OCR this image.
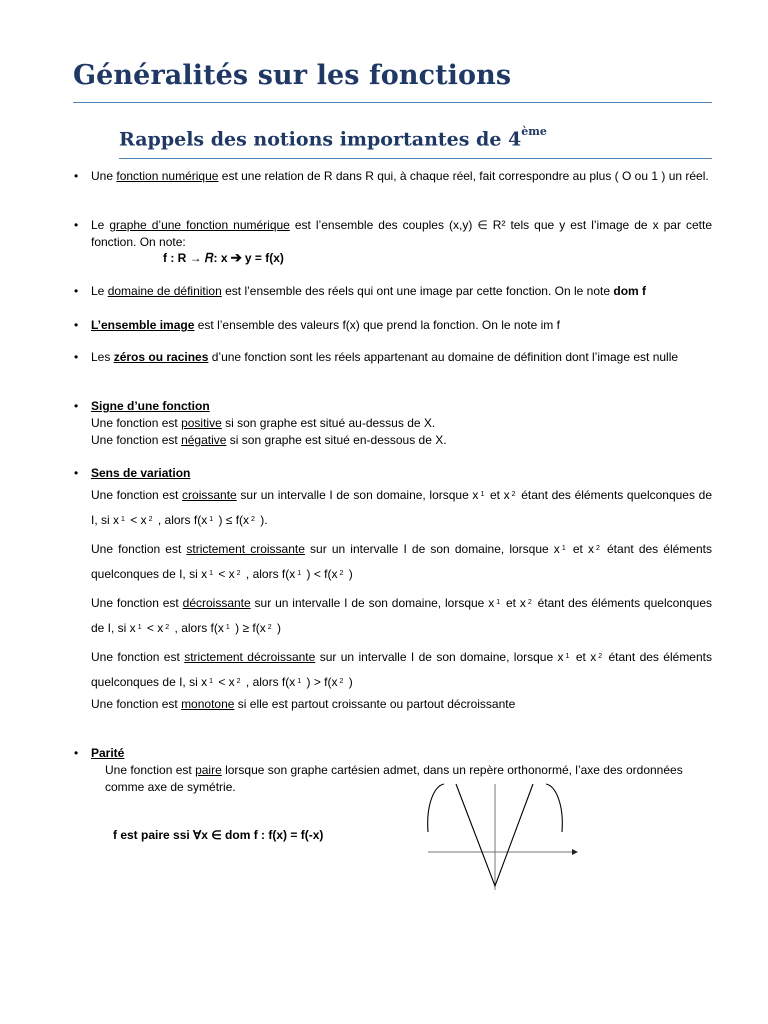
Généralités sur les fonctions
Rappels des notions importantes de 4ème
• Une fonction numérique est une relation de R dans R qui, à chaque réel, fait correspondre au plus ( O ou 1 ) un réel.
• Le graphe d’une fonction numérique est l’ensemble des couples (x,y) ∈ R² tels que y est l’image de x par cette fonction. On note:
f : R → 𝑅: x ➔ y = f(x)
• Le domaine de définition est l’ensemble des réels qui ont une image par cette fonction. On le note dom f
• L’ensemble image est l’ensemble des valeurs f(x) que prend la fonction. On le note im f
• Les zéros ou racines d’une fonction sont les réels appartenant au domaine de définition dont l’image est nulle
• Signe d’une fonction
Une fonction est positive si son graphe est situé au-dessus de X.
Une fonction est négative si son graphe est situé en-dessous de X.
• Sens de variation
Une fonction est croissante sur un intervalle I de son domaine, lorsque x $^1$ et x $^2$ étant des éléments quelconques de I, si x $^1$ < x $^2$ , alors f(x $^1$ ) ≤ f(x $^2$ ).
Une fonction est strictement croissante sur un intervalle I de son domaine, lorsque x $^1$ et x $^2$ étant des éléments quelconques de I, si x $^1$ < x $^2$ , alors f(x $^1$ ) < f(x $^2$ )
Une fonction est décroissante sur un intervalle I de son domaine, lorsque x $^1$ et x $^2$ étant des éléments quelconques de I, si x $^1$ < x $^2$ , alors f(x $^1$ ) ≥ f(x $^2$ )
Une fonction est strictement décroissante sur un intervalle I de son domaine, lorsque x $^1$ et x $^2$ étant des éléments quelconques de I, si x $^1$ < x $^2$ , alors f(x $^1$ ) > f(x $^2$ )
Une fonction est monotone si elle est partout croissante ou partout décroissante
• Parité
Une fonction est paire lorsque son graphe cartésien admet, dans un repère orthonormé, l’axe des ordonnées comme axe de symétrie.
f est paire ssi ∀x ∈ dom f : f(x) = f(-x)
